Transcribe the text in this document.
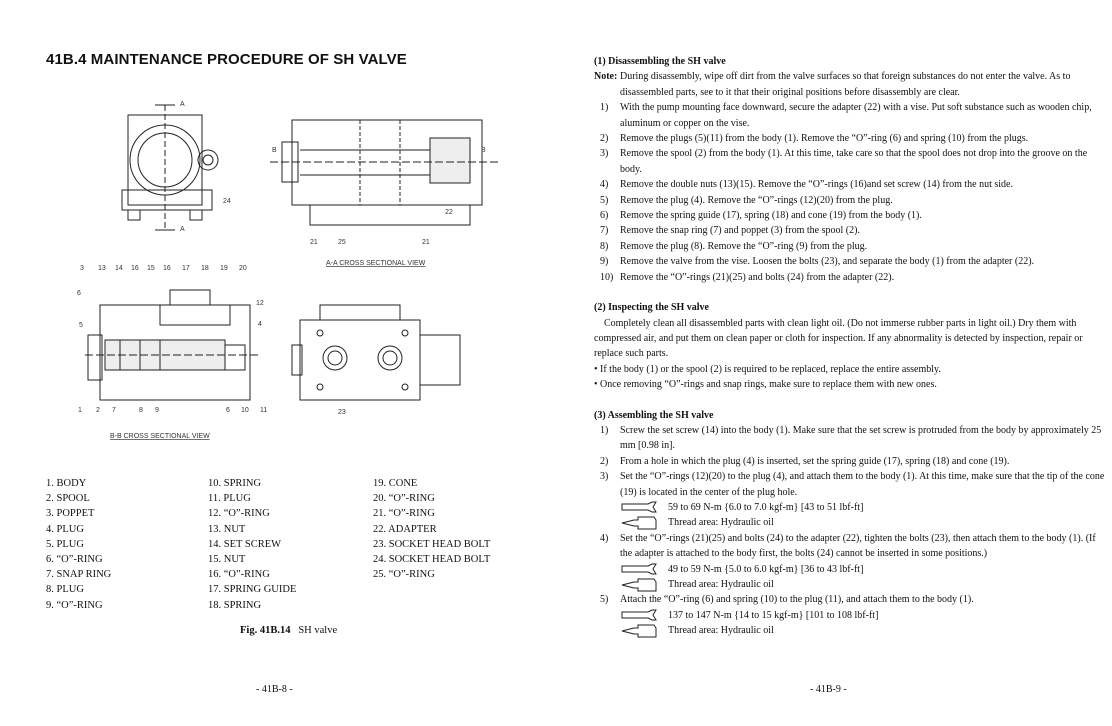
41B.4 MAINTENANCE PROCEDURE OF SH VALVE
A
A
24
B	B
21	25	21
22
A-A CROSS SECTIONAL VIEW
3 13 14 16 15 16 17 18 19 20
1 2 7	8 9	6 10 11
6
5	4
12
B-B CROSS SECTIONAL VIEW
23
1. BODY
2. SPOOL
3. POPPET
4. PLUG
5. PLUG
6. “O”-RING
7. SNAP RING
8. PLUG
9. “O”-RING
10. SPRING
11. PLUG
12. “O”-RING
13. NUT
14. SET SCREW
15. NUT
16. “O”-RING
17. SPRING GUIDE
18. SPRING
19. CONE
20. “O”-RING
21. “O”-RING
22. ADAPTER
23. SOCKET HEAD BOLT
24. SOCKET HEAD BOLT
25. “O”-RING
Fig. 41B.14 SH valve
- 41B-8 -

(1) Disassembling the SH valve

Note: During disassembly, wipe off dirt from the valve surfaces so that foreign substances do not enter the valve. As to disassembled parts, see to it that their original positions before disassembly are clear.
1) With the pump mounting face downward, secure the adapter (22) with a vise. Put soft substance such as wooden chip, aluminum or copper on the vise.
2) Remove the plugs (5)(11) from the body (1). Remove the “O”-ring (6) and spring (10) from the plugs.
3) Remove the spool (2) from the body (1). At this time, take care so that the spool does not drop into the groove on the body.
4) Remove the double nuts (13)(15). Remove the “O”-rings (16)and set screw (14) from the nut side.
5) Remove the plug (4). Remove the “O”-rings (12)(20) from the plug.
6) Remove the spring guide (17), spring (18) and cone (19) from the body (1).
7) Remove the snap ring (7) and poppet (3) from the spool (2).
8) Remove the plug (8). Remove the “O”-ring (9) from the plug.
9) Remove the valve from the vise. Loosen the bolts (23), and separate the body (1) from the adapter (22).
10) Remove the “O”-rings (21)(25) and bolts (24) from the adapter (22).

(2) Inspecting the SH valve

Completely clean all disassembled parts with clean light oil. (Do not immerse rubber parts in light oil.) Dry them with compressed air, and put them on clean paper or cloth for inspection. If any abnormality is detected by inspection, repair or replace such parts.

• If the body (1) or the spool (2) is required to be replaced, replace the entire assembly.

• Once removing “O”-rings and snap rings, make sure to replace them with new ones.

(3) Assembling the SH valve

1) Screw the set screw (14) into the body (1). Make sure that the set screw is protruded from the body by approximately 25 mm [0.98 in].
2) From a hole in which the plug (4) is inserted, set the spring guide (17), spring (18) and cone (19).
3) Set the “O”-rings (12)(20) to the plug (4), and attach them to the body (1). At this time, make sure that the tip of the cone (19) is located in the center of the plug hole.
59 to 69 N-m {6.0 to 7.0 kgf-m} [43 to 51 lbf-ft]
Thread area: Hydraulic oil
4) Set the “O”-rings (21)(25) and bolts (24) to the adapter (22), tighten the bolts (23), then attach them to the body (1). (If the adapter is attached to the body first, the bolts (24) cannot be inserted in some positions.)
49 to 59 N-m {5.0 to 6.0 kgf-m} [36 to 43 lbf-ft]
Thread area: Hydraulic oil
5) Attach the “O”-ring (6) and spring (10) to the plug (11), and attach them to the body (1).
137 to 147 N-m {14 to 15 kgf-m} [101 to 108 lbf-ft]
Thread area: Hydraulic oil
- 41B-9 -
